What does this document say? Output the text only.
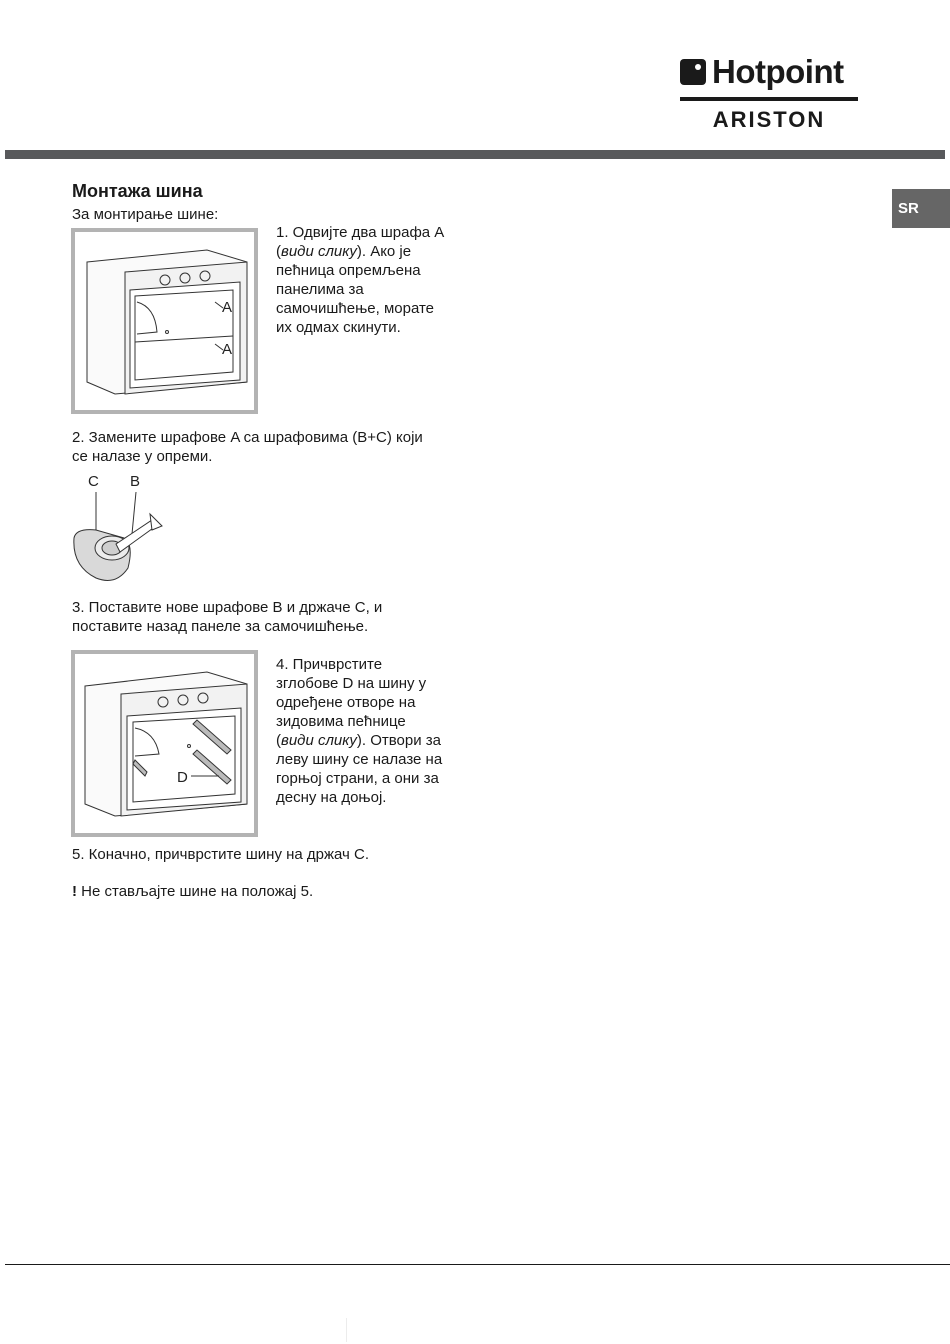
Hotpoint
ARISTON
SR
Монтажа шина

За монтирање шине:

A
A

1. Одвијте два шрафа A (види слику). Ако је пећница опремљена панелима за самочишћење, морате их одмах скинути.

2. Замените шрафове A са шрафовима (B+C) који се налазе у опреми.

C B

3. Поставите нове шрафове B и држаче C, и поставите назад панеле за самочишћење.

D

4. Причврстите зглобове D на шину у одређене отворе на зидовима пећнице (види слику). Отвори за леву шину се налазе на горњој страни, а они за десну на доњој.

5. Коначно, причврстите шину на држач C.

! Не стављајте шине на положај 5.
